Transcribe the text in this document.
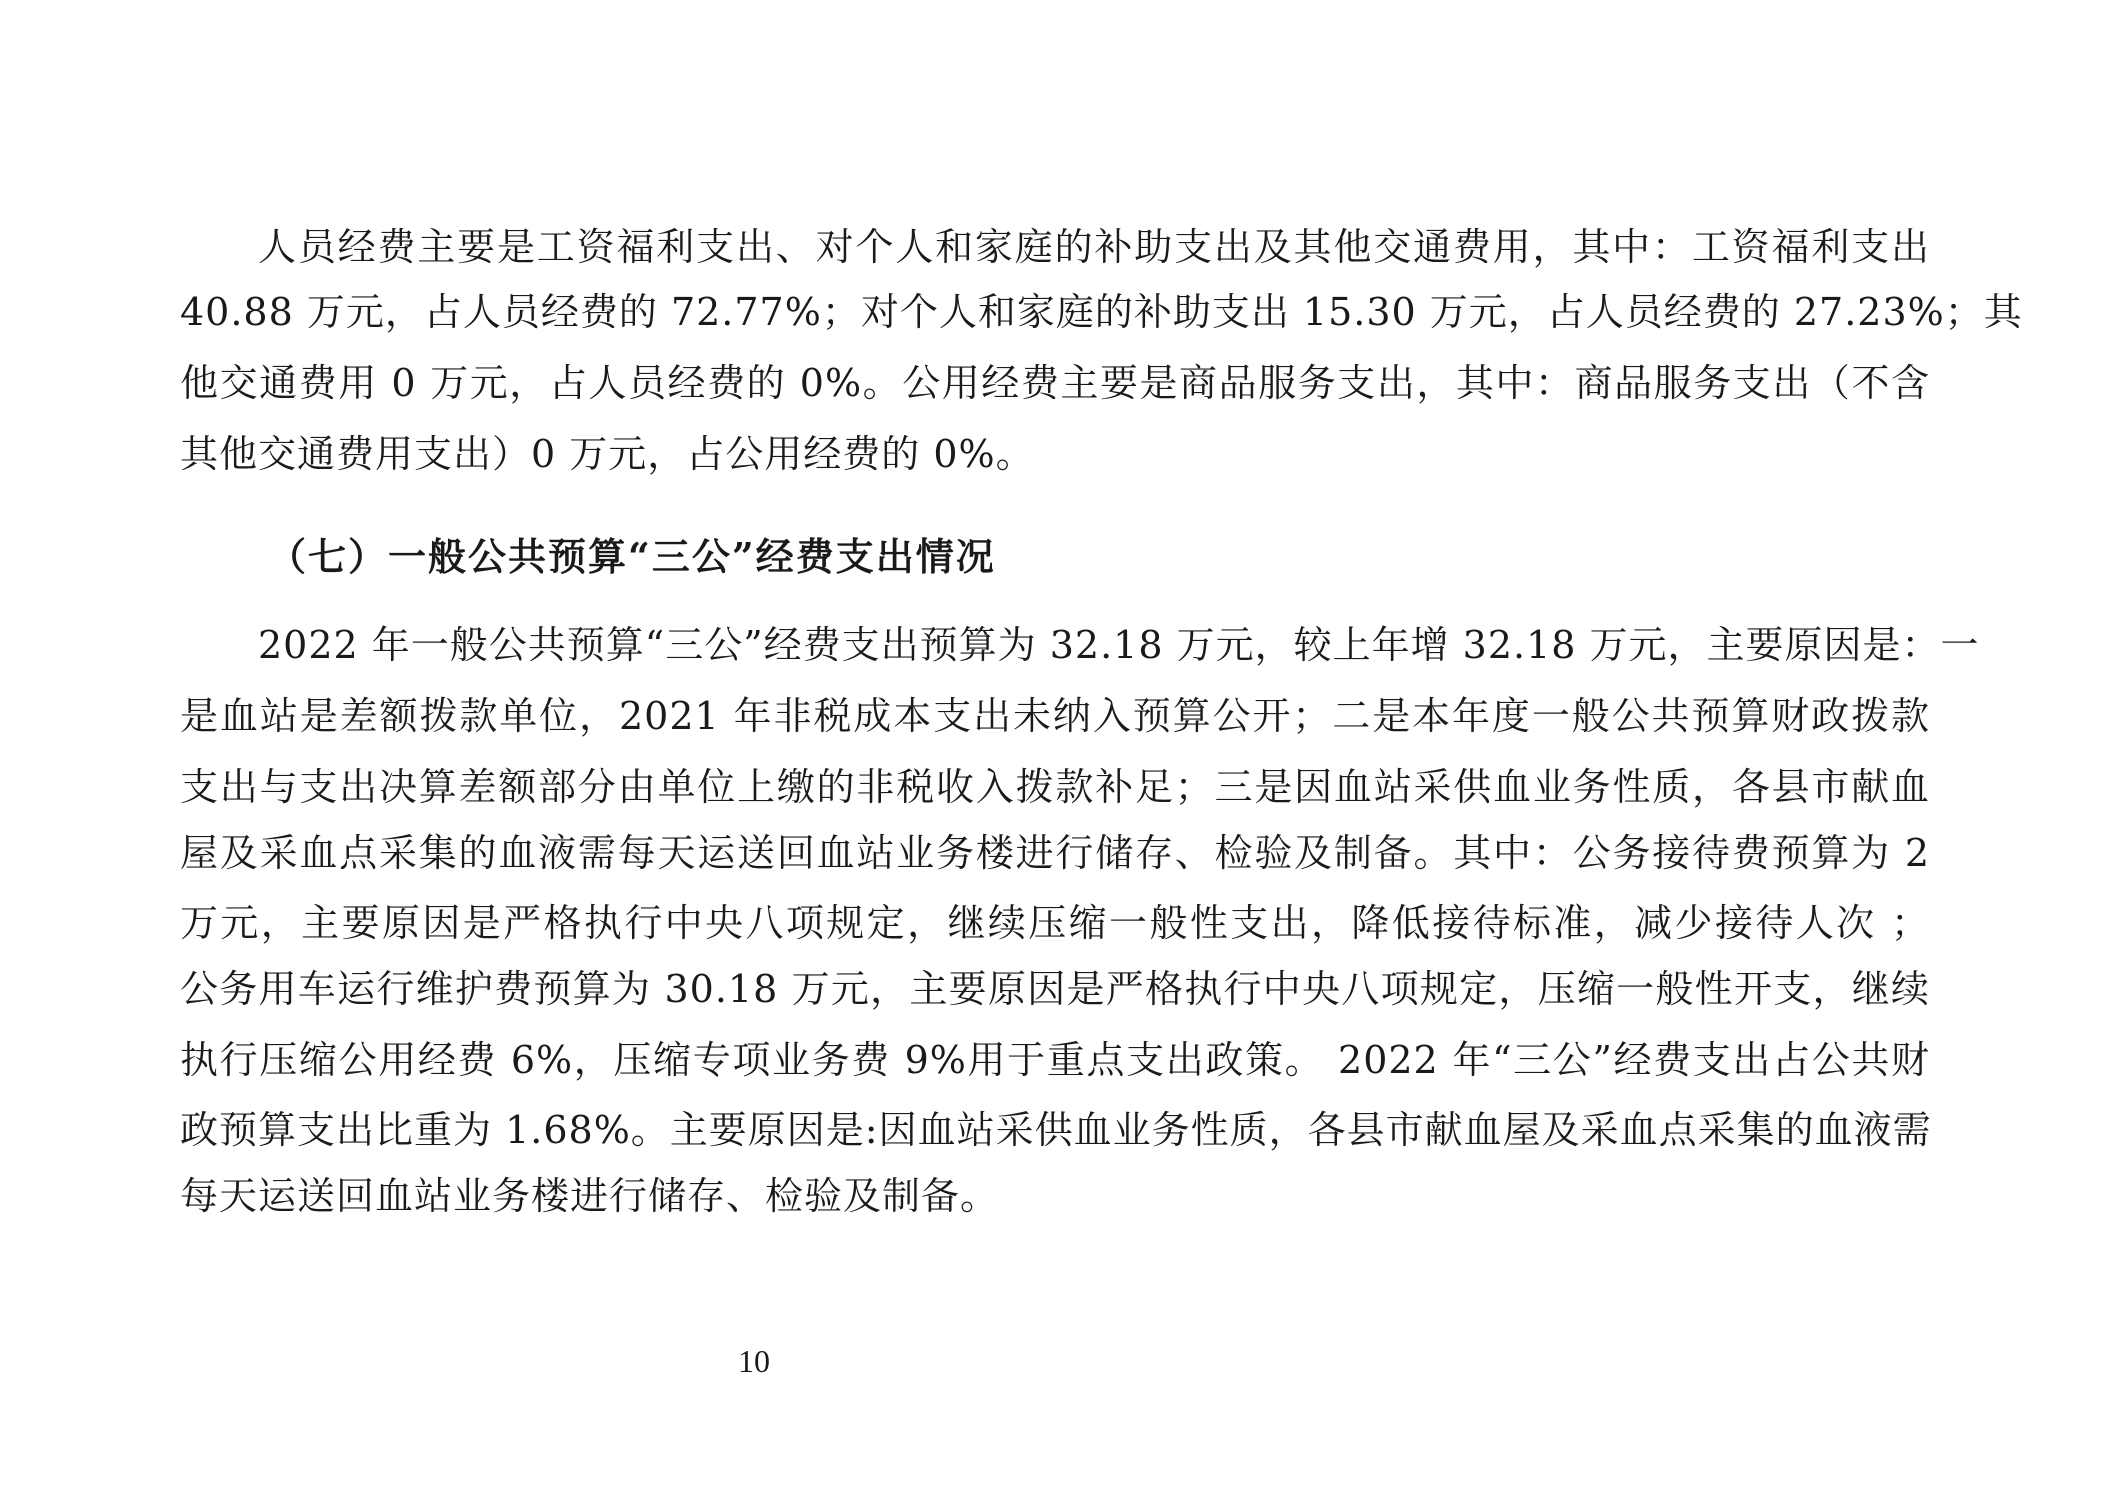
人员经费主要是工资福利支出、对个人和家庭的补助支出及其他交通费用，其中：工资福利支出
40.88 万元，占人员经费的 72.77%；对个人和家庭的补助支出 15.30 万元，占人员经费的 27.23%；其
他交通费用 0 万元，占人员经费的 0%。公用经费主要是商品服务支出，其中：商品服务支出（不含
其他交通费用支出）0 万元，占公用经费的 0%。
（七）一般公共预算“三公”经费支出情况
2022 年一般公共预算“三公”经费支出预算为 32.18 万元，较上年增 32.18 万元，主要原因是：一
是血站是差额拨款单位，2021 年非税成本支出未纳入预算公开；二是本年度一般公共预算财政拨款
支出与支出决算差额部分由单位上缴的非税收入拨款补足；三是因血站采供血业务性质，各县市献血
屋及采血点采集的血液需每天运送回血站业务楼进行储存、检验及制备。其中：公务接待费预算为 2
万元，主要原因是严格执行中央八项规定，继续压缩一般性支出，降低接待标准，减少接待人次 ；
公务用车运行维护费预算为 30.18 万元，主要原因是严格执行中央八项规定，压缩一般性开支，继续
执行压缩公用经费 6%，压缩专项业务费 9%用于重点支出政策。 2022 年“三公”经费支出占公共财
政预算支出比重为 1.68%。主要原因是:因血站采供血业务性质，各县市献血屋及采血点采集的血液需
每天运送回血站业务楼进行储存、检验及制备。
10
